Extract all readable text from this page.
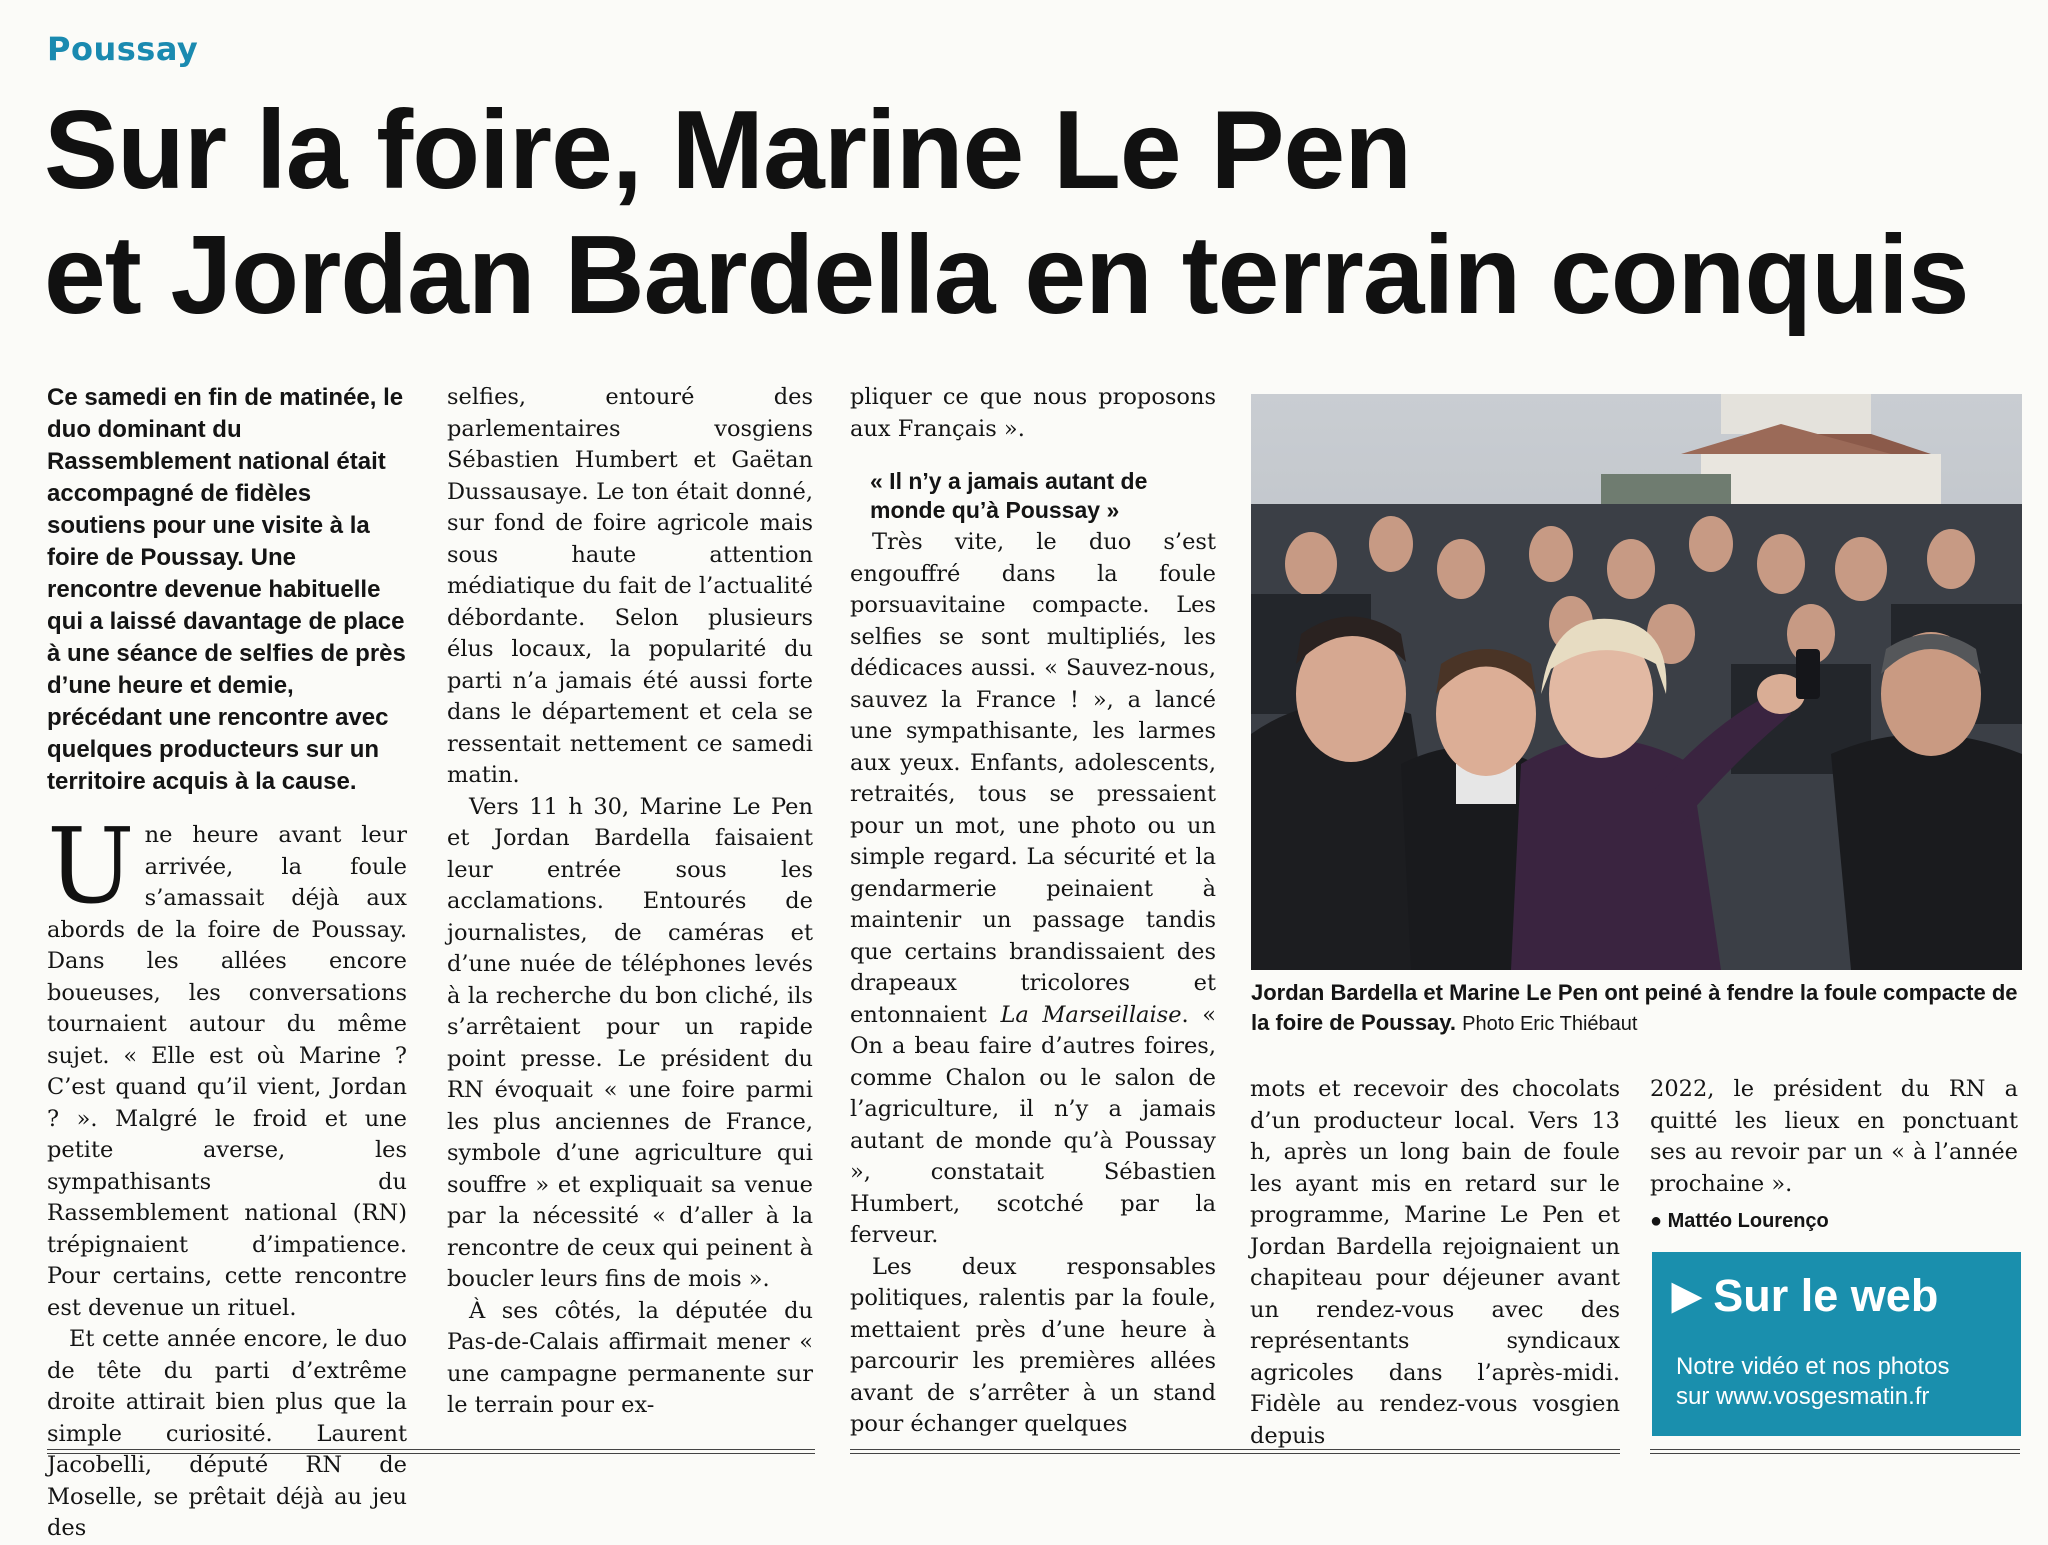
Poussay
Sur la foire, Marine Le Pen
et Jordan Bardella en terrain conquis

Ce samedi en fin de matinée, le duo dominant du Rassemblement national était accompagné de fidèles soutiens pour une visite à la foire de Poussay. Une rencontre devenue habituelle qui a laissé davantage de place à une séance de selfies de près d’une heure et demie, précédant une rencontre avec quelques producteurs sur un territoire acquis à la cause.

Une heure avant leur arrivée, la foule s’amassait déjà aux abords de la foire de Poussay. Dans les allées encore boueuses, les conversations tournaient autour du même sujet. « Elle est où Marine ? C’est quand qu’il vient, Jordan ? ». Malgré le froid et une petite averse, les sympathisants du Rassemblement national (RN) trépignaient d’impatience. Pour certains, cette rencontre est devenue un rituel.

Et cette année encore, le duo de tête du parti d’extrême droite attirait bien plus que la simple curiosité. Laurent Jacobelli, député RN de Moselle, se prêtait déjà au jeu des

selfies, entouré des parlementaires vosgiens Sébastien Humbert et Gaëtan Dussausaye. Le ton était donné, sur fond de foire agricole mais sous haute attention médiatique du fait de l’actualité débordante. Selon plusieurs élus locaux, la popularité du parti n’a jamais été aussi forte dans le département et cela se ressentait nettement ce samedi matin.

Vers 11 h 30, Marine Le Pen et Jordan Bardella faisaient leur entrée sous les acclamations. Entourés de journalistes, de caméras et d’une nuée de téléphones levés à la recherche du bon cliché, ils s’arrêtaient pour un rapide point presse. Le président du RN évoquait « une foire parmi les plus anciennes de France, symbole d’une agriculture qui souffre » et expliquait sa venue par la nécessité « d’aller à la rencontre de ceux qui peinent à boucler leurs fins de mois ».

À ses côtés, la députée du Pas-de-Calais affirmait mener « une campagne permanente sur le terrain pour ex-

pliquer ce que nous proposons aux Français ».

« Il n’y a jamais autant de monde qu’à Poussay »

Très vite, le duo s’est engouffré dans la foule porsuavitaine compacte. Les selfies se sont multipliés, les dédicaces aussi. « Sauvez-nous, sauvez la France ! », a lancé une sympathisante, les larmes aux yeux. Enfants, adolescents, retraités, tous se pressaient pour un mot, une photo ou un simple regard. La sécurité et la gendarmerie peinaient à maintenir un passage tandis que certains brandissaient des drapeaux tricolores et entonnaient La Marseillaise. « On a beau faire d’autres foires, comme Chalon ou le salon de l’agriculture, il n’y a jamais autant de monde qu’à Poussay », constatait Sébastien Humbert, scotché par la ferveur.

Les deux responsables politiques, ralentis par la foule, mettaient près d’une heure à parcourir les premières allées avant de s’arrêter à un stand pour échanger quelques

Jordan Bardella et Marine Le Pen ont peiné à fendre la foule compacte de la foire de Poussay. Photo Eric Thiébaut

mots et recevoir des chocolats d’un producteur local. Vers 13 h, après un long bain de foule les ayant mis en retard sur le programme, Marine Le Pen et Jordan Bardella rejoignaient un chapiteau pour déjeuner avant un rendez-vous avec des représentants syndicaux agricoles dans l’après-midi. Fidèle au rendez-vous vosgien depuis

2022, le président du RN a quitté les lieux en ponctuant ses au revoir par un « à l’année prochaine ».

● Mattéo Lourenço

▶ Sur le web
Notre vidéo et nos photos
sur www.vosgesmatin.fr
